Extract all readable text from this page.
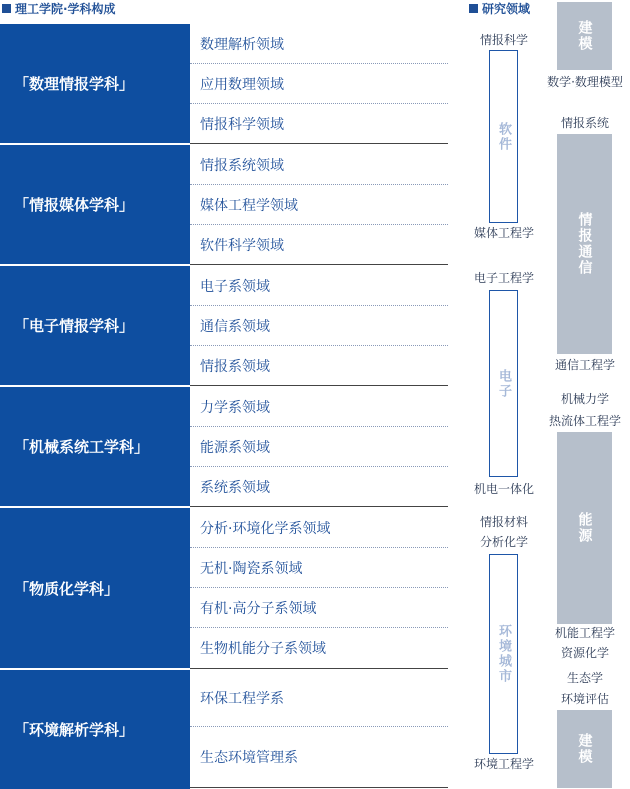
理工学院·学科构成	研究领域
「数理情报学科」
「情报媒体学科」
「电子情报学科」
「机械系统工学科」
「物质化学科」
「环境解析学科」
数理解析领域
应用数理领域
情报科学领域
情报系统领域
媒体工程学领域
软件科学领域
电子系领域
通信系领域
情报系领域
力学系领域
能源系领域
系统系领域
分析·环境化学系领域
无机·陶瓷系领域
有机·高分子系领域
生物机能分子系领域
环保工程学系
生态环境管理系
情报科学
软件
媒体工程学
电子工程学
电子
机电一体化
情报材料
分析化学
环境城市
环境工程学
建模
数学·数理模型
情报系统
情报通信
通信工程学
机械力学
热流体工程学
能源
机能工程学
资源化学
生态学
环境评估
建模
